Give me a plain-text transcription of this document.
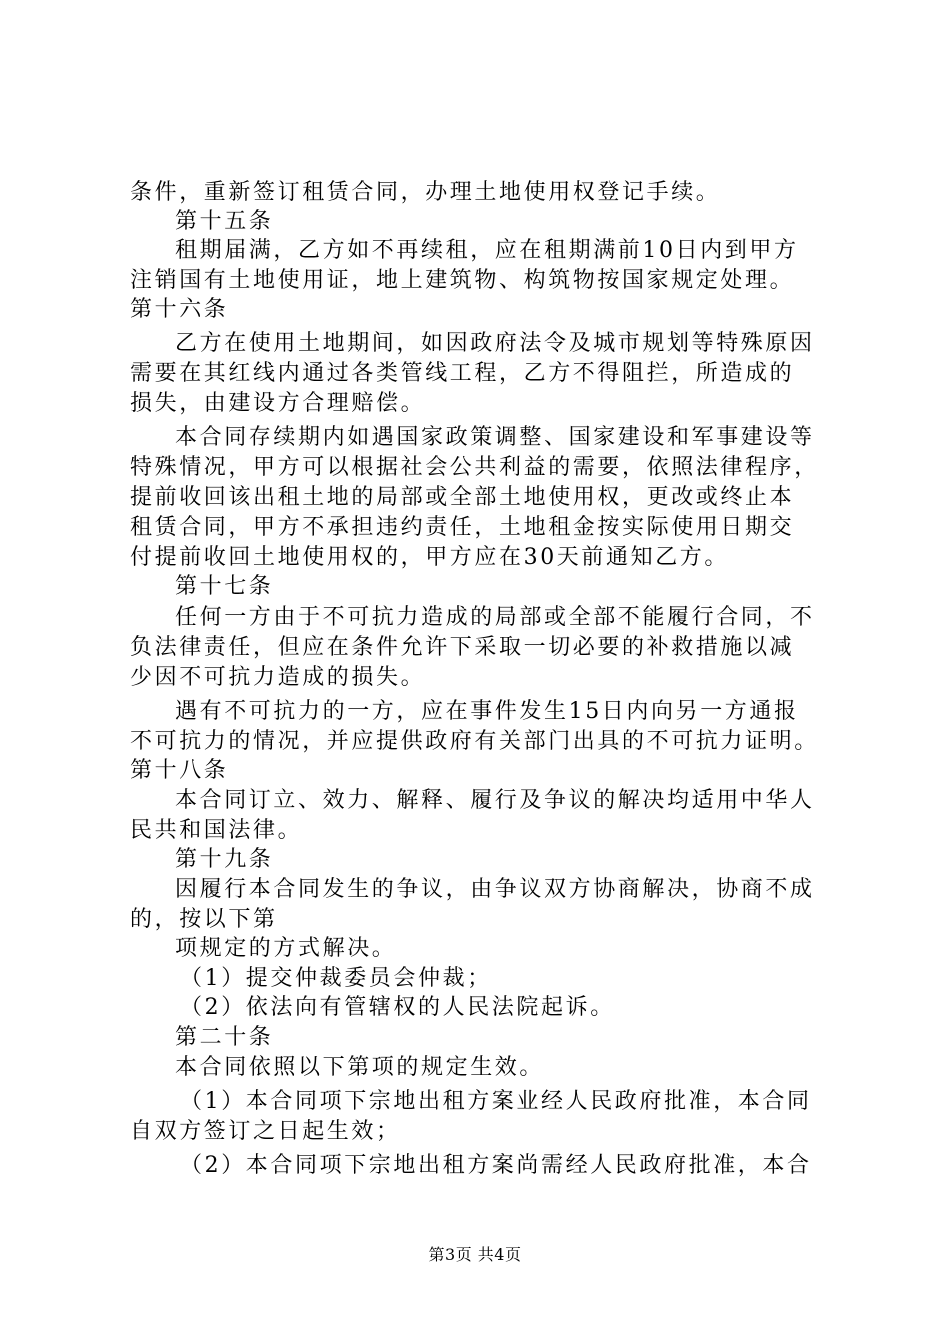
条件，重新签订租赁合同，办理土地使用权登记手续。
第十五条
租期届满，乙方如不再续租，应在租期满前10日内到甲方
注销国有土地使用证，地上建筑物、构筑物按国家规定处理。
第十六条
乙方在使用土地期间，如因政府法令及城市规划等特殊原因
需要在其红线内通过各类管线工程，乙方不得阻拦，所造成的
损失，由建设方合理赔偿。
本合同存续期内如遇国家政策调整、国家建设和军事建设等
特殊情况，甲方可以根据社会公共利益的需要，依照法律程序，
提前收回该出租土地的局部或全部土地使用权，更改或终止本
租赁合同，甲方不承担违约责任，土地租金按实际使用日期交
付提前收回土地使用权的，甲方应在30天前通知乙方。
第十七条
任何一方由于不可抗力造成的局部或全部不能履行合同，不
负法律责任，但应在条件允许下采取一切必要的补救措施以减
少因不可抗力造成的损失。
遇有不可抗力的一方，应在事件发生15日内向另一方通报
不可抗力的情况，并应提供政府有关部门出具的不可抗力证明。
第十八条
本合同订立、效力、解释、履行及争议的解决均适用中华人
民共和国法律。
第十九条
因履行本合同发生的争议，由争议双方协商解决，协商不成
的，按以下第
项规定的方式解决。
（1）提交仲裁委员会仲裁；
（2）依法向有管辖权的人民法院起诉。
第二十条
本合同依照以下第项的规定生效。
（1）本合同项下宗地出租方案业经人民政府批准，本合同
自双方签订之日起生效；
（2）本合同项下宗地出租方案尚需经人民政府批准，本合
第3页 共4页
